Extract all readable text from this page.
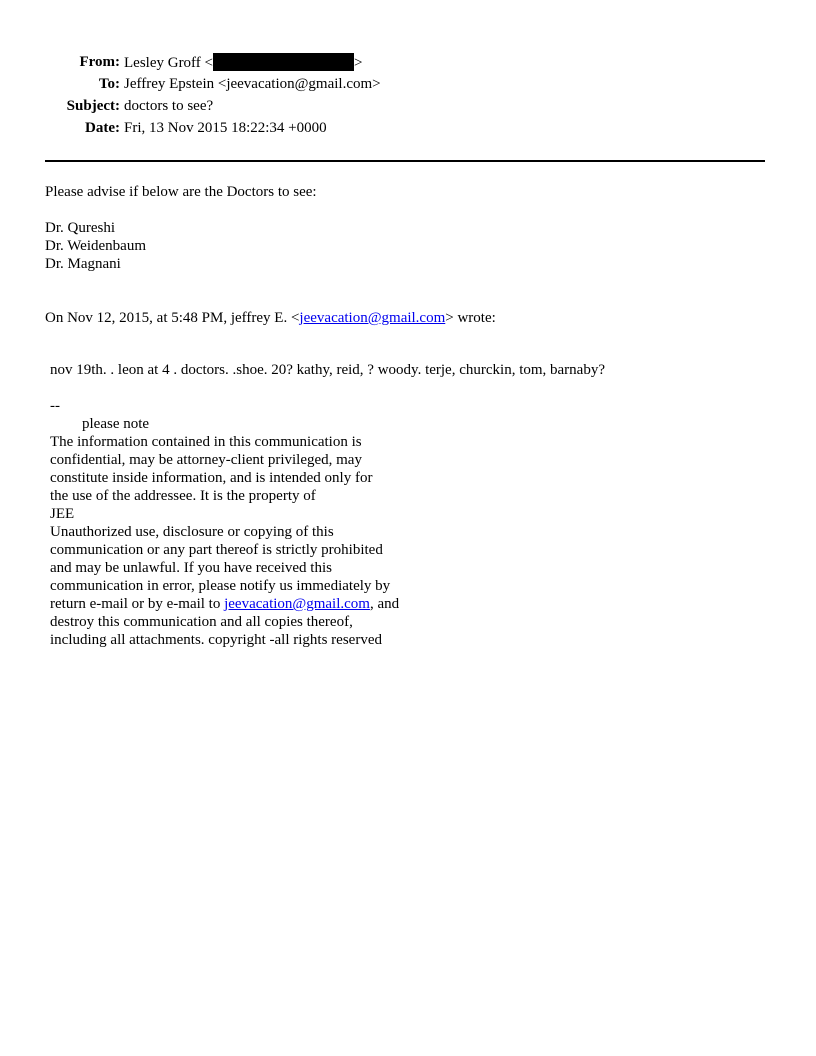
From: Lesley Groff <	>
To: Jeffrey Epstein <jeevacation@gmail.com>
Subject: doctors to see?
Date: Fri, 13 Nov 2015 18:22:34 +0000
Please advise if below are the Doctors to see:
Dr. Qureshi
Dr. Weidenbaum
Dr. Magnani
On Nov 12, 2015, at 5:48 PM, jeffrey E. <jeevacation@gmail.com> wrote:
nov 19th. . leon at 4 . doctors. .shoe. 20? kathy, reid, ? woody. terje, churckin, tom, barnaby?
--
please note
The information contained in this communication is
confidential, may be attorney-client privileged, may
constitute inside information, and is intended only for
the use of the addressee. It is the property of
JEE
Unauthorized use, disclosure or copying of this
communication or any part thereof is strictly prohibited
and may be unlawful. If you have received this
communication in error, please notify us immediately by
return e-mail or by e-mail to jeevacation@gmail.com, and
destroy this communication and all copies thereof,
including all attachments. copyright -all rights reserved
